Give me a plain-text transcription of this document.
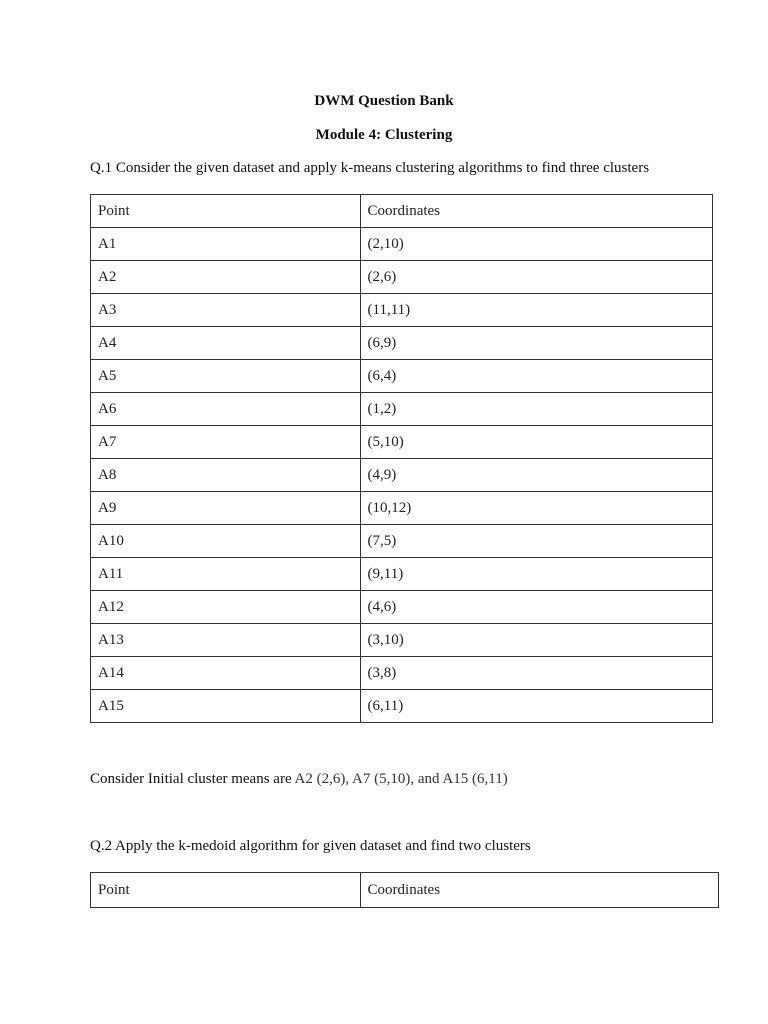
DWM Question Bank
Module 4: Clustering
Q.1 Consider the given dataset and apply k-means clustering algorithms to find three clusters
Point	Coordinates
A1	(2,10)
A2	(2,6)
A3	(11,11)
A4	(6,9)
A5	(6,4)
A6	(1,2)
A7	(5,10)
A8	(4,9)
A9	(10,12)
A10	(7,5)
A11	(9,11)
A12	(4,6)
A13	(3,10)
A14	(3,8)
A15	(6,11)
Consider Initial cluster means are A2 (2,6), A7 (5,10), and A15 (6,11)
Q.2 Apply the k-medoid algorithm for given dataset and find two clusters
Point	Coordinates
